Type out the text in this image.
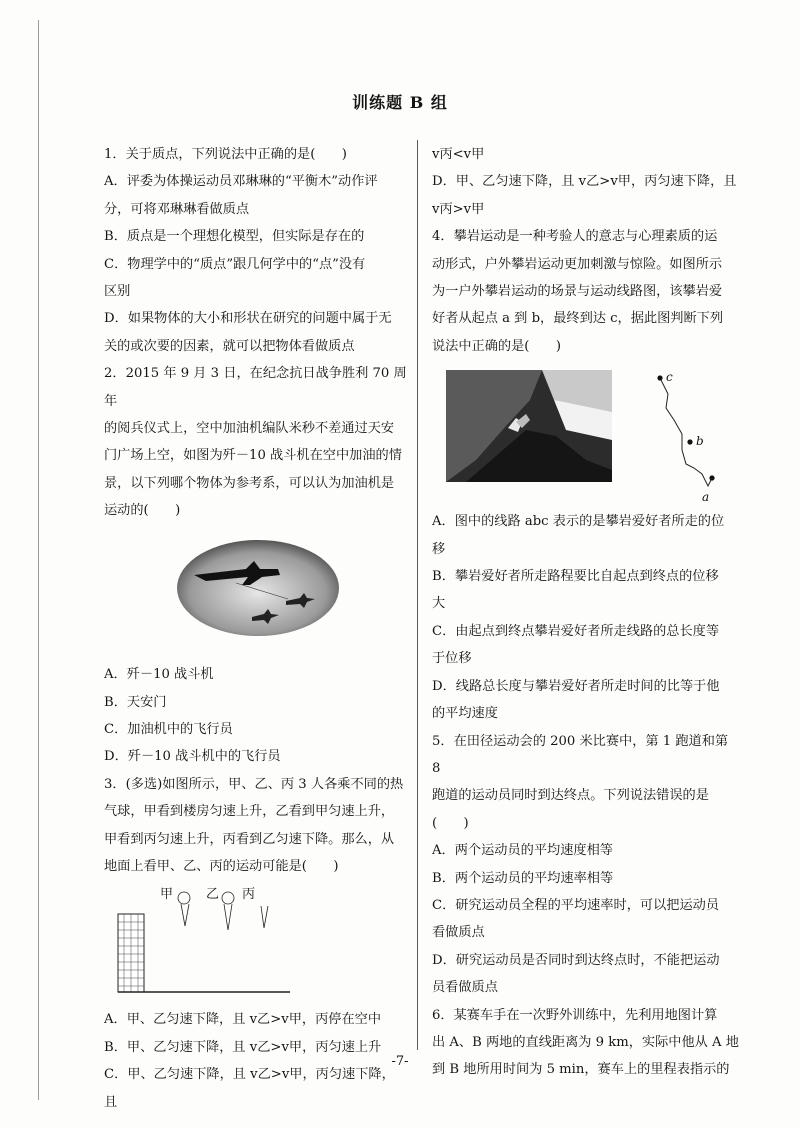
训练题 B 组

1．关于质点，下列说法中正确的是(　　)

A．评委为体操运动员邓琳琳的“平衡木”动作评

分，可将邓琳琳看做质点

B．质点是一个理想化模型，但实际是存在的

C．物理学中的“质点”跟几何学中的“点”没有

区别

D．如果物体的大小和形状在研究的问题中属于无

关的或次要的因素，就可以把物体看做质点

2．2015 年 9 月 3 日，在纪念抗日战争胜利 70 周年

的阅兵仪式上，空中加油机编队米秒不差通过天安

门广场上空，如图为歼－10 战斗机在空中加油的情

景，以下列哪个物体为参考系，可以认为加油机是

运动的(　　)

A．歼－10 战斗机

B．天安门

C．加油机中的飞行员

D．歼－10 战斗机中的飞行员

3．(多选)如图所示，甲、乙、丙 3 人各乘不同的热

气球，甲看到楼房匀速上升，乙看到甲匀速上升，

甲看到丙匀速上升，丙看到乙匀速下降。那么，从

地面上看甲、乙、丙的运动可能是(　　)

甲	乙 丙

A．甲、乙匀速下降，且 v乙>v甲，丙停在空中

B．甲、乙匀速下降，且 v乙>v甲，丙匀速上升

C．甲、乙匀速下降，且 v乙>v甲，丙匀速下降，且

v丙<v甲

D．甲、乙匀速下降，且 v乙>v甲，丙匀速下降，且

v丙>v甲

4．攀岩运动是一种考验人的意志与心理素质的运

动形式，户外攀岩运动更加刺激与惊险。如图所示

为一户外攀岩运动的场景与运动线路图，该攀岩爱

好者从起点 a 到 b，最终到达 c，据此图判断下列

说法中正确的是(　　)

c
b
a

A．图中的线路 abc 表示的是攀岩爱好者所走的位

移

B．攀岩爱好者所走路程要比自起点到终点的位移

大

C．由起点到终点攀岩爱好者所走线路的总长度等

于位移

D．线路总长度与攀岩爱好者所走时间的比等于他

的平均速度

5．在田径运动会的 200 米比赛中，第 1 跑道和第 8

跑道的运动员同时到达终点。下列说法错误的是

(　　)

A．两个运动员的平均速度相等

B．两个运动员的平均速率相等

C．研究运动员全程的平均速率时，可以把运动员

看做质点

D．研究运动员是否同时到达终点时，不能把运动

员看做质点

6．某赛车手在一次野外训练中，先利用地图计算

出 A、B 两地的直线距离为 9 km，实际中他从 A 地

到 B 地所用时间为 5 min，赛车上的里程表指示的

-7-
